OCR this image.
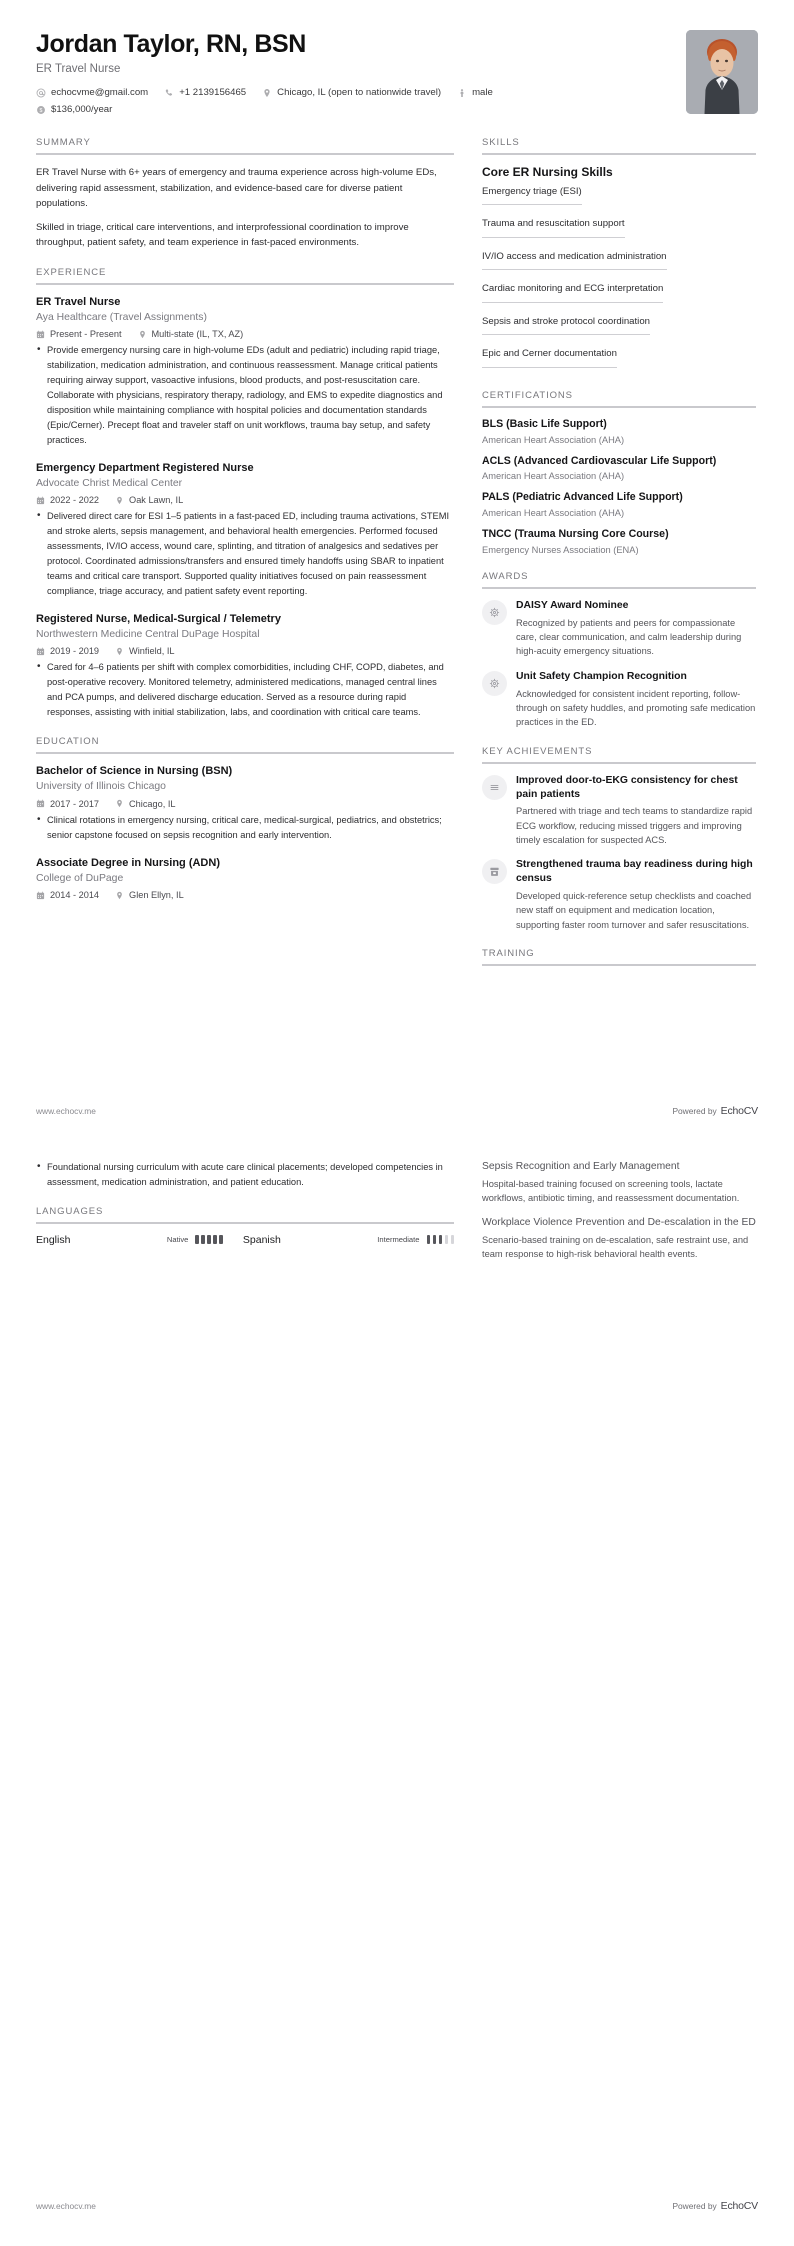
Jordan Taylor, RN, BSN
ER Travel Nurse
echocvme@gmail.com	+1 2139156465	Chicago, IL (open to nationwide travel)	male
$ $136,000/year
SUMMARY
ER Travel Nurse with 6+ years of emergency and trauma experience across high-volume EDs, delivering rapid assessment, stabilization, and evidence-based care for diverse patient populations.
Skilled in triage, critical care interventions, and interprofessional coordination to improve throughput, patient safety, and team experience in fast-paced environments.
EXPERIENCE
ER Travel Nurse
Aya Healthcare (Travel Assignments)
Present - Present	Multi-state (IL, TX, AZ)
• Provide emergency nursing care in high-volume EDs (adult and pediatric) including rapid triage, stabilization, medication administration, and continuous reassessment. Manage critical patients requiring airway support, vasoactive infusions, blood products, and post-resuscitation care. Collaborate with physicians, respiratory therapy, radiology, and EMS to expedite diagnostics and disposition while maintaining compliance with hospital policies and documentation standards (Epic/Cerner). Precept float and traveler staff on unit workflows, trauma bay setup, and safety practices.
Emergency Department Registered Nurse
Advocate Christ Medical Center
2022 - 2022	Oak Lawn, IL
• Delivered direct care for ESI 1–5 patients in a fast-paced ED, including trauma activations, STEMI and stroke alerts, sepsis management, and behavioral health emergencies. Performed focused assessments, IV/IO access, wound care, splinting, and titration of analgesics and sedatives per protocol. Coordinated admissions/transfers and ensured timely handoffs using SBAR to inpatient teams and critical care transport. Supported quality initiatives focused on pain reassessment compliance, triage accuracy, and patient safety event reporting.
Registered Nurse, Medical-Surgical / Telemetry
Northwestern Medicine Central DuPage Hospital
2019 - 2019	Winfield, IL
• Cared for 4–6 patients per shift with complex comorbidities, including CHF, COPD, diabetes, and post-operative recovery. Monitored telemetry, administered medications, managed central lines and PCA pumps, and delivered discharge education. Served as a resource during rapid responses, assisting with initial stabilization, labs, and coordination with critical care teams.
EDUCATION
Bachelor of Science in Nursing (BSN)
University of Illinois Chicago
2017 - 2017	Chicago, IL
• Clinical rotations in emergency nursing, critical care, medical-surgical, pediatrics, and obstetrics; senior capstone focused on sepsis recognition and early intervention.
Associate Degree in Nursing (ADN)
College of DuPage
2014 - 2014	Glen Ellyn, IL
SKILLS
Core ER Nursing Skills
Emergency triage (ESI)
Trauma and resuscitation support
IV/IO access and medication administration
Cardiac monitoring and ECG interpretation
Sepsis and stroke protocol coordination
Epic and Cerner documentation
CERTIFICATIONS
BLS (Basic Life Support)
American Heart Association (AHA)
ACLS (Advanced Cardiovascular Life Support)
American Heart Association (AHA)
PALS (Pediatric Advanced Life Support)
American Heart Association (AHA)
TNCC (Trauma Nursing Core Course)
Emergency Nurses Association (ENA)
AWARDS
DAISY Award Nominee
Recognized by patients and peers for compassionate care, clear communication, and calm leadership during high-acuity emergency situations.
Unit Safety Champion Recognition
Acknowledged for consistent incident reporting, follow-through on safety huddles, and promoting safe medication practices in the ED.
KEY ACHIEVEMENTS
Improved door-to-EKG consistency for chest pain patients
Partnered with triage and tech teams to standardize rapid ECG workflow, reducing missed triggers and improving timely escalation for suspected ACS.
Strengthened trauma bay readiness during high census
Developed quick-reference setup checklists and coached new staff on equipment and medication location, supporting faster room turnover and safer resuscitations.
TRAINING
www.echocv.me	Powered by EchoCV
• Foundational nursing curriculum with acute care clinical placements; developed competencies in assessment, medication administration, and patient education.
LANGUAGES
English	Native	Spanish	Intermediate
Sepsis Recognition and Early Management
Hospital-based training focused on screening tools, lactate workflows, antibiotic timing, and reassessment documentation.
Workplace Violence Prevention and De-escalation in the ED
Scenario-based training on de-escalation, safe restraint use, and team response to high-risk behavioral health events.
www.echocv.me	Powered by EchoCV
